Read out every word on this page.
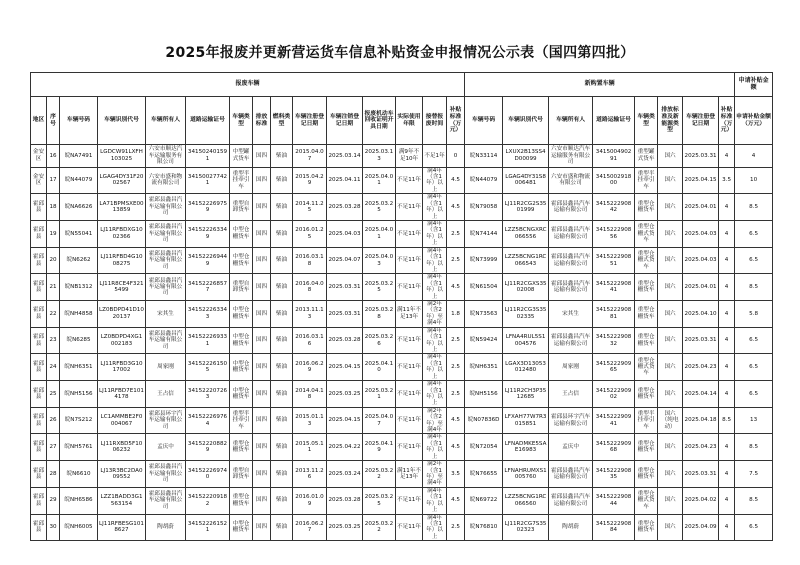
2025年报废并更新营运货车信息补贴资金申报情况公示表（国四第四批）
报废车辆															新购置车辆								申请补贴金额
地区	序号	车辆号码	车辆识别代号	车辆所有人	道路运输证号	车辆类型	排放标准	燃料类型	车辆注册登记日期	车辆注销登记日期	报废机动车回收证明开具日期	实际使用年限	接替报废时间	补贴标准（万元）	车辆号码	车辆识别代号	车辆所有人	道路运输证号	车辆类型	排放标准及新能源类型	车辆注册登记日期	补贴标准（万元）	申请补贴金额（万元）
金安区	16	皖NA7491	LGDCW91LXFH103025	六安市顺达汽车运输服务有限公司	341502401591	中型罐式货车	国四	柴油	2015.04.07	2025.03.14	2025.03.13	满9年不足10年	不足1年	0	皖N33114	LXUX2B13SS4D00099	六安市顺达汽车运输服务有限公司	341500490291	重型罐式货车	国六	2025.03.31	4	4
金安区	17	皖N44079	LGAG4DY31F2002567	六安市盛和物流有限公司	341500277421	重型半挂牵引车	国四	柴油	2015.04.29	2025.04.11	2025.04.01	不足11年	满4年（含1年）以上	4.5	皖N44079	LGAG4DY31S8006481	六安市盛和物流有限公司	341500291800	重型半挂牵引车	国六	2025.04.15	3.5	10
霍邱县	18	皖NA6626	LA71BPMSXE0013859	霍邱县鑫昌汽车运输有限公司	341522269759	重型自卸货车	国四	柴油	2014.11.25	2025.03.28	2025.03.25	不足11年	满4年（含1年）以上	4.5	皖N79058	LJ11R2CG2S3501999	霍邱县鑫昌汽车运输有限公司	341522290842	重型仓栅货车	国六	2025.04.01	4	8.5
霍邱县	19	皖N55041	LJ11RFBDXG1002366	霍邱县鑫昌汽车运输有限公司	341522263349	中型仓栅货车	国四	柴油	2016.01.25	2025.04.03	2025.04.01	不足11年	满4年（含1年）以上	2.5	皖N74144	LZZ5BCNGXRC066556	霍邱县鑫昌汽车运输有限公司	341522290856	重型仓栅式货车	国六	2025.04.03	4	6.5
霍邱县	20	皖N6262	LJ11RFBD4G1008275	霍邱县鑫昌汽车运输有限公司	341522269449	中型仓栅货车	国四	柴油	2016.03.18	2025.04.07	2025.04.03	不足11年	满4年（含1年）以上	2.5	皖N73999	LZZ5BCNG1RC066543	霍邱县鑫昌汽车运输有限公司	341522290851	重型仓栅式货车	国六	2025.04.03	4	6.5
霍邱县	21	皖NB1312	LJ11R8CE4F3215499	霍邱县鑫昌汽车运输有限公司	341522268577	重型自卸货车	国四	柴油	2016.04.08	2025.03.31	2025.03.25	不足11年	满4年（含1年）以上	4.5	皖N61504	LJ11R2CGXS3502008	霍邱县鑫昌汽车运输有限公司	341522290841	重型仓栅货车	国六	2025.04.01	4	8.5
霍邱县	22	皖NH4858	LZ0BDPD41D1020137	宋其生	341522263343	中型仓栅货车	国四	柴油	2013.11.13	2025.03.31	2025.03.28	满11年不足13年	满2年（含2年）至满4年	1.8	皖N73563	LJ11R2CG3S3502335	宋其生	341522290881	重型仓栅货车	国六	2025.04.10	4	5.8
霍邱县	23	皖N6285	LZ0BDPD4XG1002183	霍邱县鑫昌汽车运输有限公司	341522269331	中型仓栅货车	国四	柴油	2016.03.16	2025.03.28	2025.03.26	不足11年	满4年（含1年）以上	2.5	皖N59424	LFNA4RUL5S1004576	霍邱县鑫昌汽车运输有限公司	341522290832	重型仓栅货车	国六	2025.03.31	4	6.5
霍邱县	24	皖NH6351	LJ11RFBD3G1017002	周家刚	341522261505	中型仓栅货车	国四	柴油	2016.06.29	2025.04.15	2025.04.10	不足11年	满4年（含1年）以上	2.5	皖NH6351	LGAX3D13053012480	周家刚	341522290965	重型仓栅式货车	国六	2025.04.23	4	6.5
霍邱县	25	皖NH5156	LJ11RFBD7E1014178	王占信	341522207263	中型仓栅货车	国四	柴油	2014.04.18	2025.03.25	2025.03.21	不足11年	满4年（含1年）以上	2.5	皖NH5156	LJ11R2CH3P3512685	王占信	341522290902	重型仓栅货车	国六	2025.04.14	4	6.5
霍邱县	26	皖N7S212	LC1AMMBE2F0004067	霍邱县环宇汽车运输有限公司	341522269764	重型半挂牵引车	国四	柴油	2015.01.13	2025.04.15	2025.04.07	不足11年	满2年（含2年）至满4年	4.5	皖N07836D	LFXAH77W7R3015851	霍邱县环宇汽车运输有限公司	341522290941	重型半挂牵引车	国六（纯电动）	2025.04.18	8.5	13
霍邱县	27	皖NH5761	LJ11RXBD5F1006232	孟庆中	341522208829	重型仓栅货车	国四	柴油	2015.05.11	2025.04.22	2025.04.19	不足11年	满4年（含1年）以上	4.5	皖N72054	LFNADMKE5SAE16983	孟庆中	341522290968	重型仓栅货车	国六	2025.04.23	4	8.5
霍邱县	28	皖N6610	LJ13R3BC2DA009552	霍邱县鑫昌汽车运输有限公司	341522269740	重型自卸货车	国四	柴油	2013.11.26	2025.03.24	2025.03.22	满11年不足13年	满2年（含1年）至满4年	3.5	皖N76655	LFNAHRUMXS1005760	霍邱县鑫昌汽车运输有限公司	341522290835	重型仓栅货车	国六	2025.03.31	4	7.5
霍邱县	29	皖NH6586	LZZ1BADD3G1563154	霍邱县鑫昌汽车运输有限公司	341522209182	重型仓栅货车	国四	柴油	2016.01.09	2025.03.28	2025.03.25	不足11年	满4年（含1年）以上	4.5	皖N69722	LZZ5BCNG1RC066560	霍邱县鑫昌汽车运输有限公司	341522290844	重型仓栅式货车	国六	2025.04.02	4	8.5
霍邱县	30	皖NH6005	LJ11RFBESG1018627	陶胡蔚	341522261521	中型仓栅货车	国四	柴油	2016.06.27	2025.03.25	2025.03.22	不足11年	满4年（含1年）以上	2.5	皖N76810	LJ11R2CG7S3502323	陶胡蔚	341522290884	重型仓栅货车	国六	2025.04.09	4	6.5
